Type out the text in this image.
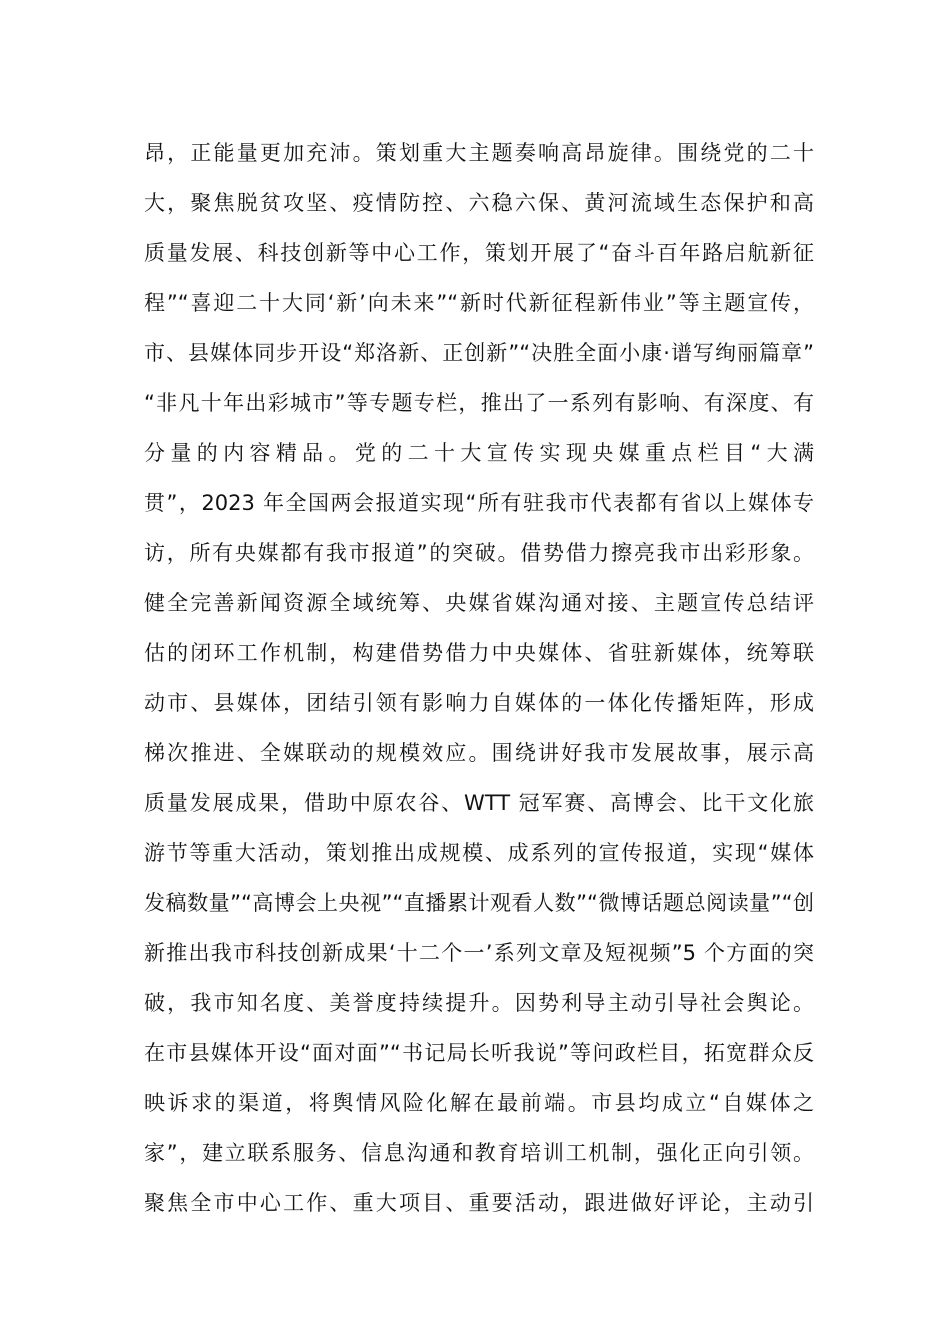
昂，正能量更加充沛。策划重大主题奏响高昂旋律。围绕党的二十
大，聚焦脱贫攻坚、疫情防控、六稳六保、黄河流域生态保护和高
质量发展、科技创新等中心工作，策划开展了“奋斗百年路启航新征
程”“喜迎二十大同‘新’向未来”“新时代新征程新伟业”等主题宣传，
市、县媒体同步开设“郑洛新、正创新”“决胜全面小康·谱写绚丽篇章”
“非凡十年出彩城市”等专题专栏，推出了一系列有影响、有深度、有
分量的内容精品。党的二十大宣传实现央媒重点栏目“大满
贯”，2023 年全国两会报道实现“所有驻我市代表都有省以上媒体专
访，所有央媒都有我市报道”的突破。借势借力擦亮我市出彩形象。
健全完善新闻资源全域统筹、央媒省媒沟通对接、主题宣传总结评
估的闭环工作机制，构建借势借力中央媒体、省驻新媒体，统筹联
动市、县媒体，团结引领有影响力自媒体的一体化传播矩阵，形成
梯次推进、全媒联动的规模效应。围绕讲好我市发展故事，展示高
质量发展成果，借助中原农谷、WTT 冠军赛、高博会、比干文化旅
游节等重大活动，策划推出成规模、成系列的宣传报道，实现“媒体
发稿数量”“高博会上央视”“直播累计观看人数”“微博话题总阅读量”“创
新推出我市科技创新成果‘十二个一’系列文章及短视频”5 个方面的突
破，我市知名度、美誉度持续提升。因势利导主动引导社会舆论。
在市县媒体开设“面对面”“书记局长听我说”等问政栏目，拓宽群众反
映诉求的渠道，将舆情风险化解在最前端。市县均成立“自媒体之
家”，建立联系服务、信息沟通和教育培训工机制，强化正向引领。
聚焦全市中心工作、重大项目、重要活动，跟进做好评论，主动引
